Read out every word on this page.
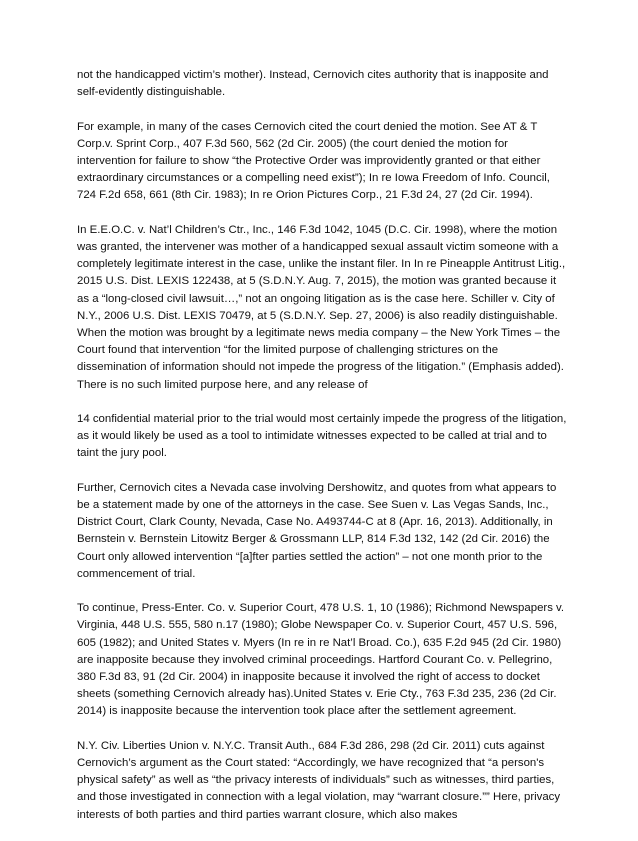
not the handicapped victim’s mother). Instead, Cernovich cites authority that is inapposite and self-evidently distinguishable.

For example, in many of the cases Cernovich cited the court denied the motion. See AT & T Corp.v. Sprint Corp., 407 F.3d 560, 562 (2d Cir. 2005) (the court denied the motion for intervention for failure to show “the Protective Order was improvidently granted or that either extraordinary circumstances or a compelling need exist”); In re Iowa Freedom of Info. Council, 724 F.2d 658, 661 (8th Cir. 1983); In re Orion Pictures Corp., 21 F.3d 24, 27 (2d Cir. 1994).

In E.E.O.C. v. Nat’l Children’s Ctr., Inc., 146 F.3d 1042, 1045 (D.C. Cir. 1998), where the motion was granted, the intervener was mother of a handicapped sexual assault victim someone with a completely legitimate interest in the case, unlike the instant filer. In In re Pineapple Antitrust Litig., 2015 U.S. Dist. LEXIS 122438, at 5 (S.D.N.Y. Aug. 7, 2015), the motion was granted because it as a “long-closed civil lawsuit…,” not an ongoing litigation as is the case here. Schiller v. City of N.Y., 2006 U.S. Dist. LEXIS 70479, at 5 (S.D.N.Y. Sep. 27, 2006) is also readily distinguishable. When the motion was brought by a legitimate news media company – the New York Times – the Court found that intervention “for the limited purpose of challenging strictures on the dissemination of information should not impede the progress of the litigation.” (Emphasis added). There is no such limited purpose here, and any release of

14 confidential material prior to the trial would most certainly impede the progress of the litigation, as it would likely be used as a tool to intimidate witnesses expected to be called at trial and to taint the jury pool.

Further, Cernovich cites a Nevada case involving Dershowitz, and quotes from what appears to be a statement made by one of the attorneys in the case. See Suen v. Las Vegas Sands, Inc., District Court, Clark County, Nevada, Case No. A493744-C at 8 (Apr. 16, 2013). Additionally, in Bernstein v. Bernstein Litowitz Berger & Grossmann LLP, 814 F.3d 132, 142 (2d Cir. 2016) the Court only allowed intervention “[a]fter parties settled the action” – not one month prior to the commencement of trial.

To continue, Press-Enter. Co. v. Superior Court, 478 U.S. 1, 10 (1986); Richmond Newspapers v. Virginia, 448 U.S. 555, 580 n.17 (1980); Globe Newspaper Co. v. Superior Court, 457 U.S. 596, 605 (1982); and United States v. Myers (In re in re Nat’l Broad. Co.), 635 F.2d 945 (2d Cir. 1980) are inapposite because they involved criminal proceedings. Hartford Courant Co. v. Pellegrino, 380 F.3d 83, 91 (2d Cir. 2004) in inapposite because it involved the right of access to docket sheets (something Cernovich already has).United States v. Erie Cty., 763 F.3d 235, 236 (2d Cir. 2014) is inapposite because the intervention took place after the settlement agreement.

N.Y. Civ. Liberties Union v. N.Y.C. Transit Auth., 684 F.3d 286, 298 (2d Cir. 2011) cuts against Cernovich’s argument as the Court stated: “Accordingly, we have recognized that “a person's physical safety” as well as “the privacy interests of individuals” such as witnesses, third parties, and those investigated in connection with a legal violation, may “warrant closure.”” Here, privacy interests of both parties and third parties warrant closure, which also makes
